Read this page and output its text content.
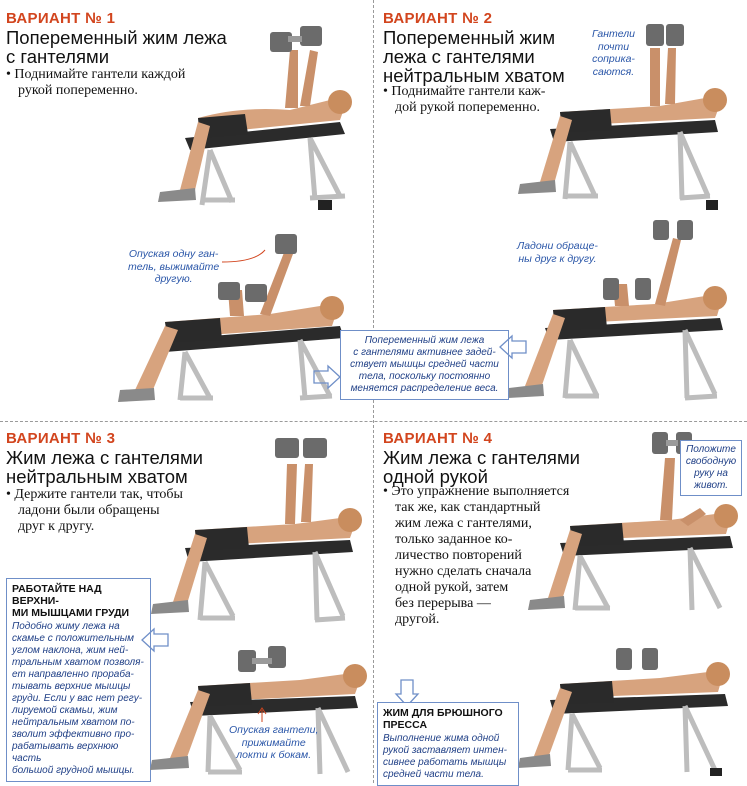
ВАРИАНТ № 1
Попеременный жим лежа
с гантелями
• Поднимайте гантели каждой
рукой попеременно.
Опуская одну ган-
тель, выжимайте
другую.
ВАРИАНТ № 2
Попеременный жим
лежа с гантелями
нейтральным хватом
• Поднимайте гантели каж-
дой рукой попеременно.
Гантели
почти
соприка-
саются.
Ладони обраще-
ны друг к другу.
Попеременный жим лежа
с гантелями активнее задей-
ствует мышцы средней части
тела, поскольку постоянно
меняется распределение веса.
ВАРИАНТ № 3
Жим лежа с гантелями
нейтральным хватом
• Держите гантели так, чтобы
ладони были обращены
друг к другу.
РАБОТАЙТЕ НАД ВЕРХНИ-
МИ МЫШЦАМИ ГРУДИ
Подобно жиму лежа на
скамье с положительным
углом наклона, жим ней-
тральным хватом позволя-
ет направленно прораба-
тывать верхние мышцы
груди. Если у вас нет регу-
лируемой скамьи, жим
нейтральным хватом по-
зволит эффективно про-
рабатывать верхнюю часть
большой грудной мышцы.
Опуская гантели,
прижимайте
локти к бокам.
ВАРИАНТ № 4
Жим лежа с гантелями
одной рукой
• Это упражнение выполняется
так же, как стандартный
жим лежа с гантелями,
только заданное ко-
личество повторений
нужно сделать сначала
одной рукой, затем
без перерыва —
другой.
Положите
свободную
руку на
живот.
ЖИМ ДЛЯ БРЮШНОГО
ПРЕССА
Выполнение жима одной
рукой заставляет интен-
сивнее работать мышцы
средней части тела.
